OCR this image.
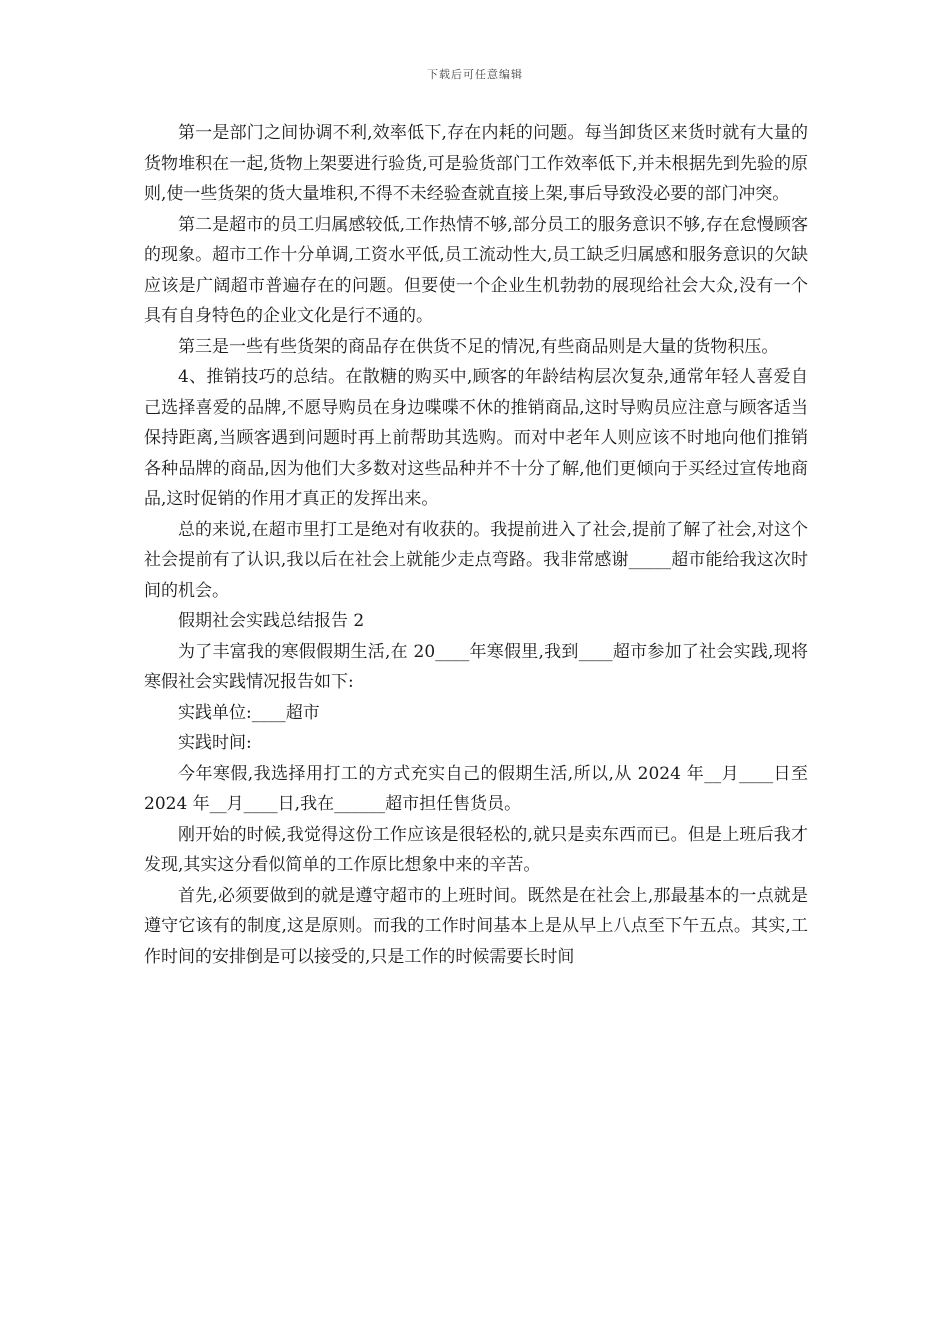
下载后可任意编辑

第一是部门之间协调不利,效率低下,存在内耗的问题。每当卸货区来货时就有大量的货物堆积在一起,货物上架要进行验货,可是验货部门工作效率低下,并未根据先到先验的原则,使一些货架的货大量堆积,不得不未经验查就直接上架,事后导致没必要的部门冲突。

第二是超市的员工归属感较低,工作热情不够,部分员工的服务意识不够,存在怠慢顾客的现象。超市工作十分单调,工资水平低,员工流动性大,员工缺乏归属感和服务意识的欠缺应该是广阔超市普遍存在的问题。但要使一个企业生机勃勃的展现给社会大众,没有一个具有自身特色的企业文化是行不通的。

第三是一些有些货架的商品存在供货不足的情况,有些商品则是大量的货物积压。

4、推销技巧的总结。在散糖的购买中,顾客的年龄结构层次复杂,通常年轻人喜爱自己选择喜爱的品牌,不愿导购员在身边喋喋不休的推销商品,这时导购员应注意与顾客适当保持距离,当顾客遇到问题时再上前帮助其选购。而对中老年人则应该不时地向他们推销各种品牌的商品,因为他们大多数对这些品种并不十分了解,他们更倾向于买经过宣传地商品,这时促销的作用才真正的发挥出来。

总的来说,在超市里打工是绝对有收获的。我提前进入了社会,提前了解了社会,对这个社会提前有了认识,我以后在社会上就能少走点弯路。我非常感谢_____超市能给我这次时间的机会。

假期社会实践总结报告 2

为了丰富我的寒假假期生活,在 20____年寒假里,我到____超市参加了社会实践,现将寒假社会实践情况报告如下:

实践单位:____超市

实践时间:

今年寒假,我选择用打工的方式充实自己的假期生活,所以,从 2024 年__月____日至 2024 年__月____日,我在______超市担任售货员。

刚开始的时候,我觉得这份工作应该是很轻松的,就只是卖东西而已。但是上班后我才发现,其实这分看似简单的工作原比想象中来的辛苦。

首先,必须要做到的就是遵守超市的上班时间。既然是在社会上,那最基本的一点就是遵守它该有的制度,这是原则。而我的工作时间基本上是从早上八点至下午五点。其实,工作时间的安排倒是可以接受的,只是工作的时候需要长时间
